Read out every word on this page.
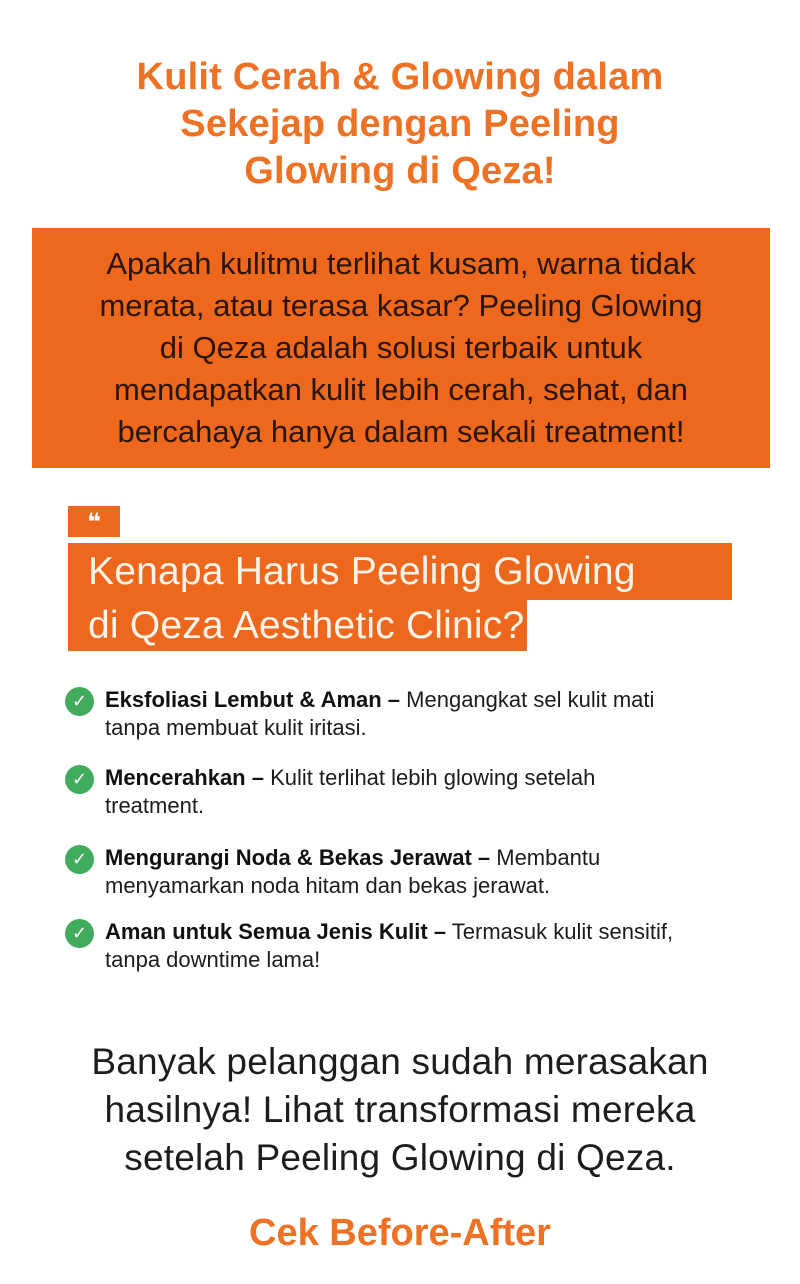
Kulit Cerah & Glowing dalam
Sekejap dengan Peeling
Glowing di Qeza!
Apakah kulitmu terlihat kusam, warna tidak
merata, atau terasa kasar? Peeling Glowing
di Qeza adalah solusi terbaik untuk
mendapatkan kulit lebih cerah, sehat, dan
bercahaya hanya dalam sekali treatment!
❝
Kenapa Harus Peeling Glowing
di Qeza Aesthetic Clinic?
✓ Eksfoliasi Lembut & Aman – Mengangkat sel kulit mati
tanpa membuat kulit iritasi.
✓ Mencerahkan – Kulit terlihat lebih glowing setelah
treatment.
✓ Mengurangi Noda & Bekas Jerawat – Membantu
menyamarkan noda hitam dan bekas jerawat.
✓ Aman untuk Semua Jenis Kulit – Termasuk kulit sensitif,
tanpa downtime lama!
Banyak pelanggan sudah merasakan
hasilnya! Lihat transformasi mereka
setelah Peeling Glowing di Qeza.
Cek Before-After
